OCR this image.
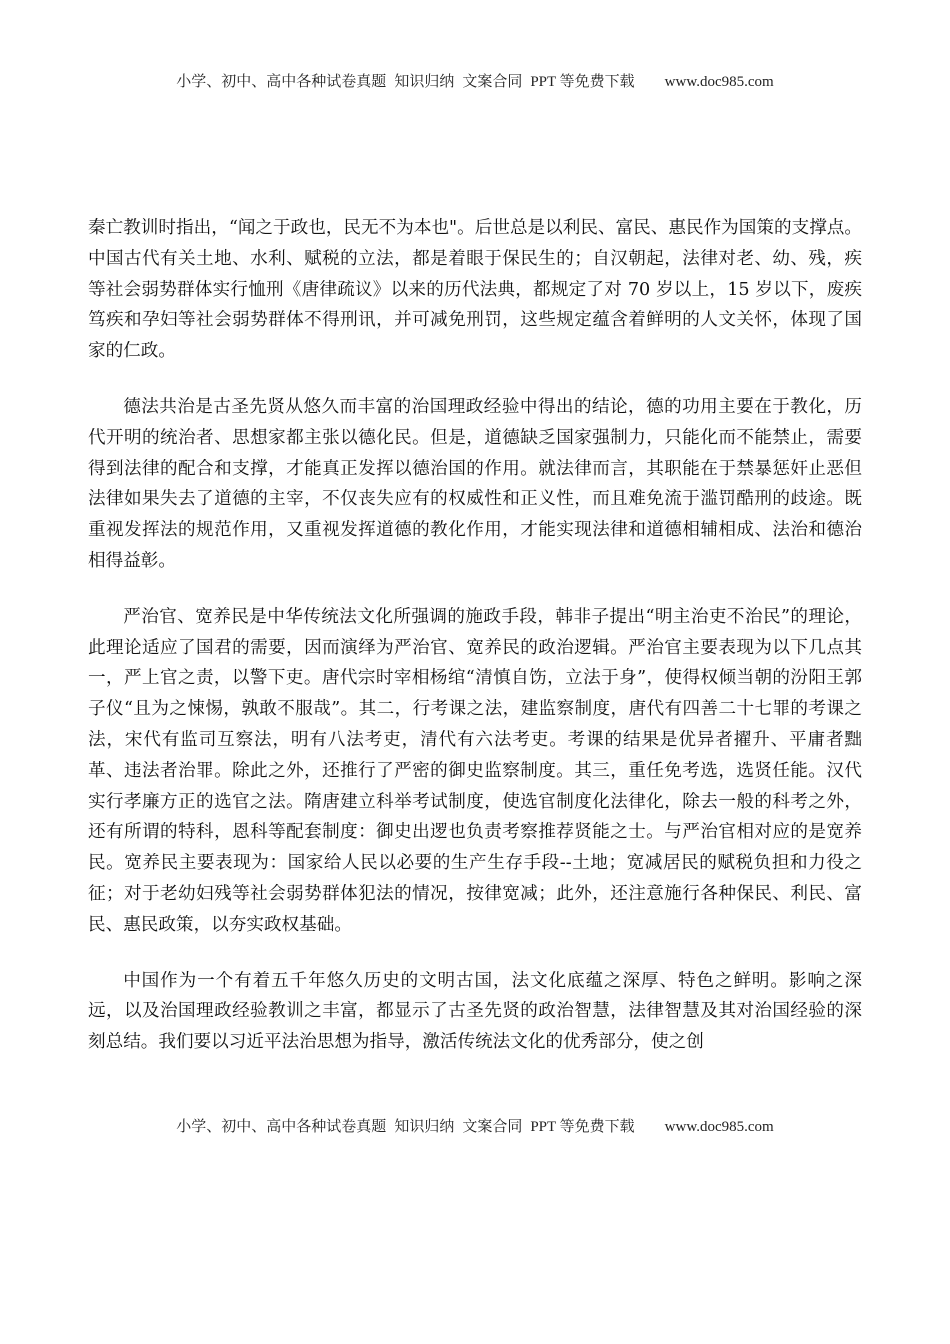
小学、初中、高中各种试卷真题 知识归纳 文案合同 PPT 等免费下载 www.doc985.com

秦亡教训时指出，“闻之于政也，民无不为本也"。后世总是以利民、富民、惠民作为国策的支撑点。中国古代有关土地、水利、赋税的立法，都是着眼于保民生的；自汉朝起，法律对老、幼、残，疾等社会弱势群体实行恤刑《唐律疏议》以来的历代法典，都规定了对 70 岁以上，15 岁以下，废疾笃疾和孕妇等社会弱势群体不得刑讯，并可减免刑罚，这些规定蕴含着鲜明的人文关怀，体现了国家的仁政。

德法共治是古圣先贤从悠久而丰富的治国理政经验中得出的结论，德的功用主要在于教化，历代开明的统治者、思想家都主张以德化民。但是，道德缺乏国家强制力，只能化而不能禁止，需要得到法律的配合和支撑，才能真正发挥以德治国的作用。就法律而言，其职能在于禁暴惩奸止恶但法律如果失去了道德的主宰，不仅丧失应有的权威性和正义性，而且难免流于滥罚酷刑的歧途。既重视发挥法的规范作用，又重视发挥道德的教化作用，才能实现法律和道德相辅相成、法治和德治相得益彰。

严治官、宽养民是中华传统法文化所强调的施政手段，韩非子提出“明主治吏不治民”的理论，此理论适应了国君的需要，因而演绎为严治官、宽养民的政治逻辑。严治官主要表现为以下几点其一，严上官之责，以警下吏。唐代宗时宰相杨绾“清慎自饬，立法于身”，使得权倾当朝的汾阳王郭子仪“且为之悚惕，孰敢不服哉”。其二，行考课之法，建监察制度，唐代有四善二十七罪的考课之法，宋代有监司互察法，明有八法考吏，清代有六法考吏。考课的结果是优异者擢升、平庸者黜革、违法者治罪。除此之外，还推行了严密的御史监察制度。其三，重任免考选，选贤任能。汉代实行孝廉方正的选官之法。隋唐建立科举考试制度，使选官制度化法律化，除去一般的科考之外，还有所谓的特科，恩科等配套制度：御史出逻也负责考察推荐贤能之士。与严治官相对应的是宽养民。宽养民主要表现为：国家给人民以必要的生产生存手段--土地；宽减居民的赋税负担和力役之征；对于老幼妇残等社会弱势群体犯法的情况，按律宽减；此外，还注意施行各种保民、利民、富民、惠民政策，以夯实政权基础。

中国作为一个有着五千年悠久历史的文明古国，法文化底蕴之深厚、特色之鲜明。影响之深远，以及治国理政经验教训之丰富，都显示了古圣先贤的政治智慧，法律智慧及其对治国经验的深刻总结。我们要以习近平法治思想为指导，激活传统法文化的优秀部分，使之创

小学、初中、高中各种试卷真题 知识归纳 文案合同 PPT 等免费下载 www.doc985.com
